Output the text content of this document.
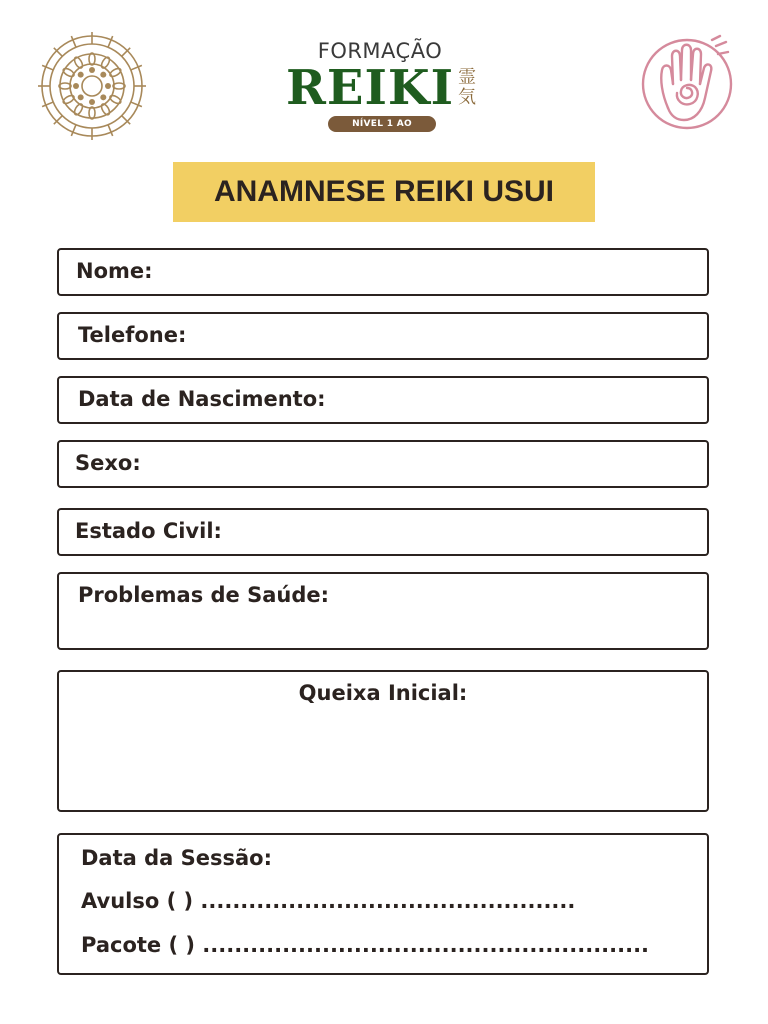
FORMAÇÃO
REIKI 霊気
NÍVEL 1 AO MESTRADO
ANAMNESE REIKI USUI
Nome:
Telefone:
Data de Nascimento:
Sexo:
Estado Civil:
Problemas de Saúde:
Queixa Inicial:
Data da Sessão:
Avulso ( ) ...............................................
Pacote ( ) ........................................................
